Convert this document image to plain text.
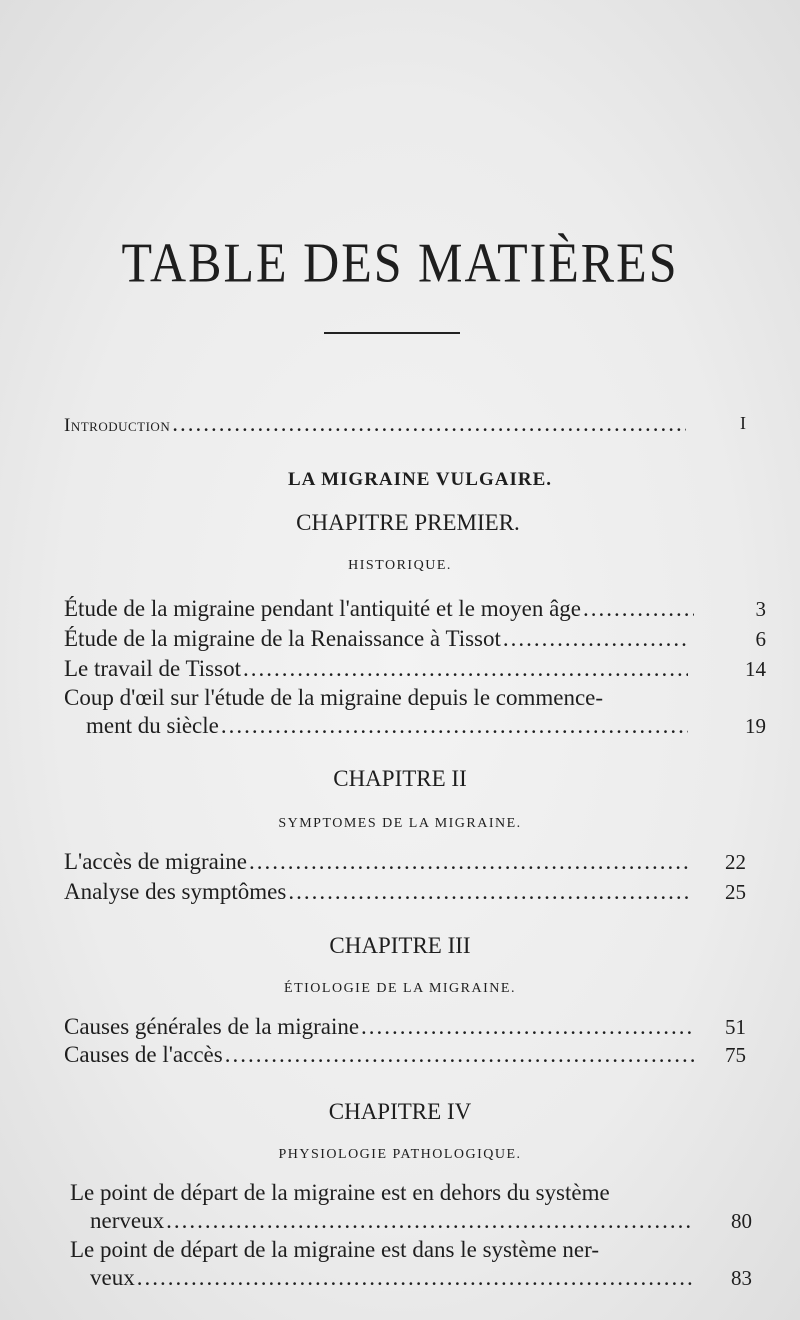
TABLE DES MATIÈRES
Introduction .....	I
LA MIGRAINE VULGAIRE.
CHAPITRE PREMIER.
HISTORIQUE.
Étude de la migraine pendant l'antiquité et le moyen âge .....	3
Étude de la migraine de la Renaissance à Tissot .....	6
Le travail de Tissot .....	14
Coup d'œil sur l'étude de la migraine depuis le commence-
ment du siècle .....	19
CHAPITRE II
SYMPTOMES DE LA MIGRAINE.
L'accès de migraine .....	22
Analyse des symptômes .....	25
CHAPITRE III
ÉTIOLOGIE DE LA MIGRAINE.
Causes générales de la migraine .....	51
Causes de l'accès .....	75
CHAPITRE IV
PHYSIOLOGIE PATHOLOGIQUE.
Le point de départ de la migraine est en dehors du système
nerveux .....	80
Le point de départ de la migraine est dans le système ner-
veux .....	83
